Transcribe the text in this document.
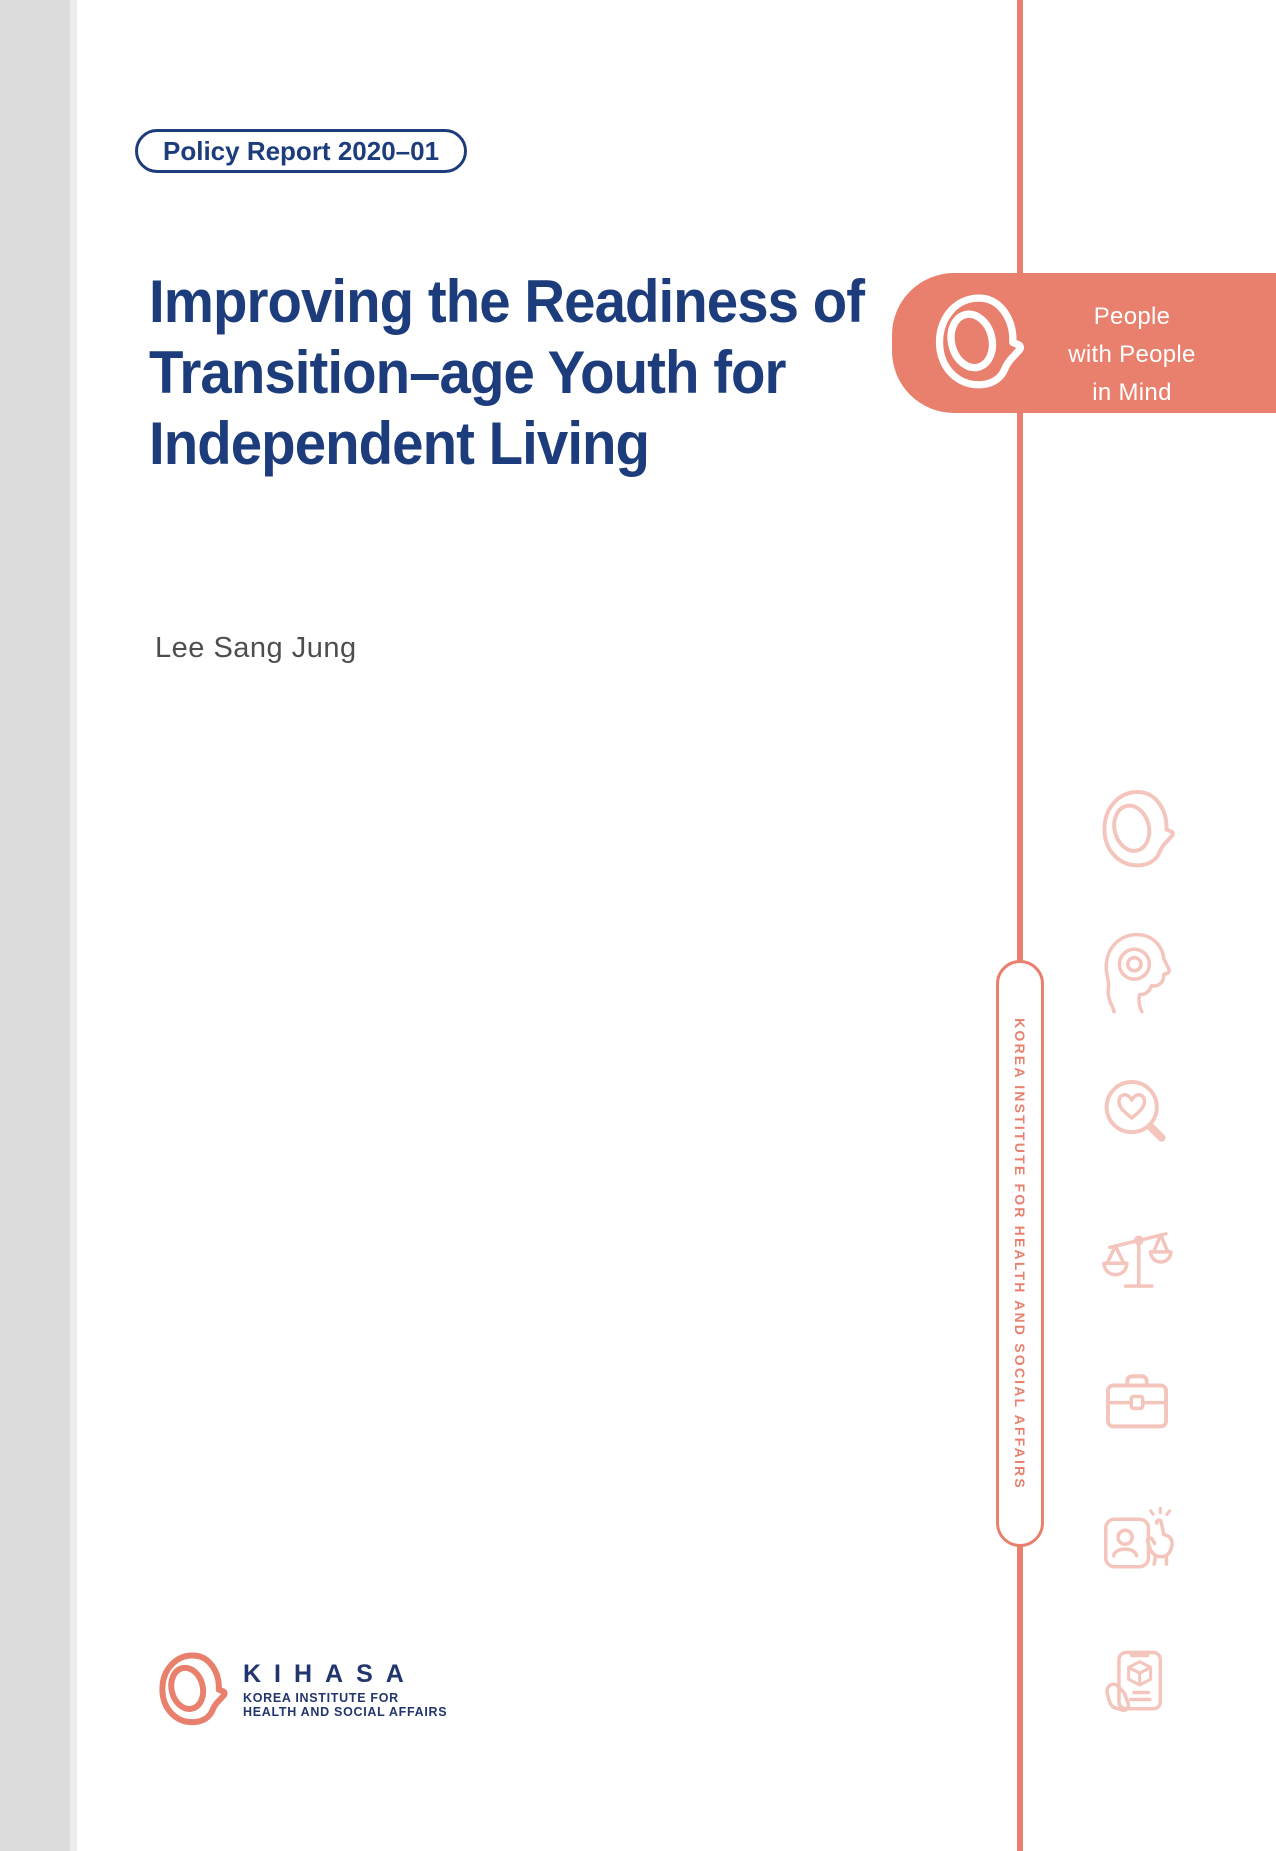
Policy Report 2020–01
Improving the Readiness of
Transition–age Youth for
Independent Living
Lee Sang Jung
People
with People
in Mind
KOREA INSTITUTE FOR HEALTH AND SOCIAL AFFAIRS
KIHASA
KOREA INSTITUTE FOR
HEALTH AND SOCIAL AFFAIRS
